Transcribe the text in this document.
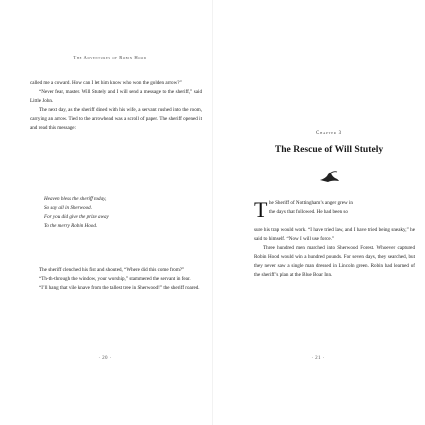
The Adventures of Robin Hood

called me a coward. How can I let him know who won the golden arrow?”

“Never fear, master. Will Stutely and I will send a message to the sheriff,” said Little John.

The next day, as the sheriff dined with his wife, a servant rushed into the room, carrying an arrow. Tied to the arrowhead was a scroll of paper. The sheriff opened it and read this message:

Heaven bless the sheriff today,
So say all in Sherwood.
For you did give the prize away
To the merry Robin Hood.

The sheriff clenched his fist and shouted, “Where did this come from?”

“Th-th-through the window, your worship,” stammered the servant in fear.

“I’ll hang that vile knave from the tallest tree in Sherwood!” the sheriff roared.

· 20 ·
Chapter 3
The Rescue of Will Stutely
T he Sheriff of Nottingham’s anger grew in

the days that followed. He had been so

sure his trap would work. “I have tried law, and I have tried being sneaky,” he said to himself. “Now I will use force.”

Three hundred men marched into Sherwood Forest. Whoever captured Robin Hood would win a hundred pounds. For seven days, they searched, but they never saw a single man dressed in Lincoln green. Robin had learned of the sheriff’s plan at the Blue Boar Inn.

· 21 ·
